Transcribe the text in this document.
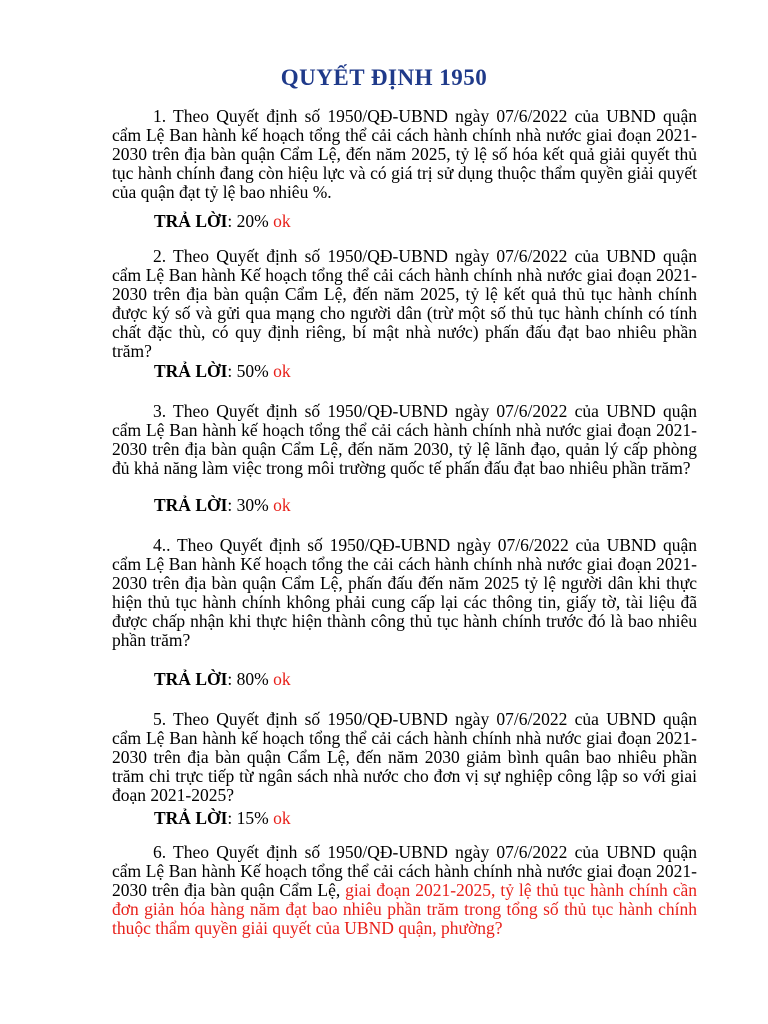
QUYẾT ĐỊNH 1950
1. Theo Quyết định số 1950/QĐ-UBND ngày 07/6/2022 của UBND quận cẩm Lệ Ban hành kế hoạch tổng thể cải cách hành chính nhà nước giai đoạn 2021-2030 trên địa bàn quận Cẩm Lệ, đến năm 2025, tỷ lệ số hóa kết quả giải quyết thủ tục hành chính đang còn hiệu lực và có giá trị sử dụng thuộc thẩm quyền giải quyết của quận đạt tỷ lệ bao nhiêu %.
TRẢ LỜI: 20% ok
2. Theo Quyết định số 1950/QĐ-UBND ngày 07/6/2022 của UBND quận cẩm Lệ Ban hành Kế hoạch tổng thể cải cách hành chính nhà nước giai đoạn 2021-2030 trên địa bàn quận Cẩm Lệ, đến năm 2025, tỷ lệ kết quả thủ tục hành chính được ký số và gửi qua mạng cho người dân (trừ một số thủ tục hành chính có tính chất đặc thù, có quy định riêng, bí mật nhà nước) phấn đấu đạt bao nhiêu phần trăm?
TRẢ LỜI: 50% ok
3. Theo Quyết định số 1950/QĐ-UBND ngày 07/6/2022 của UBND quận cẩm Lệ Ban hành kế hoạch tổng thể cải cách hành chính nhà nước giai đoạn 2021-2030 trên địa bàn quận Cẩm Lệ, đến năm 2030, tỷ lệ lãnh đạo, quản lý cấp phòng đủ khả năng làm việc trong môi trường quốc tế phấn đấu đạt bao nhiêu phần trăm?
TRẢ LỜI: 30% ok
4.. Theo Quyết định số 1950/QĐ-UBND ngày 07/6/2022 của UBND quận cẩm Lệ Ban hành Kế hoạch tổng the cải cách hành chính nhà nước giai đoạn 2021-2030 trên địa bàn quận Cẩm Lệ, phấn đấu đến năm 2025 tỷ lệ người dân khi thực hiện thủ tục hành chính không phải cung cấp lại các thông tin, giấy tờ, tài liệu đã được chấp nhận khi thực hiện thành công thủ tục hành chính trước đó là bao nhiêu phần trăm?
TRẢ LỜI: 80% ok
5. Theo Quyết định số 1950/QĐ-UBND ngày 07/6/2022 của UBND quận cẩm Lệ Ban hành kế hoạch tổng thể cải cách hành chính nhà nước giai đoạn 2021-2030 trên địa bàn quận Cẩm Lệ, đến năm 2030 giảm bình quân bao nhiêu phần trăm chi trực tiếp từ ngân sách nhà nước cho đơn vị sự nghiệp công lập so với giai đoạn 2021-2025?
TRẢ LỜI: 15% ok
6. Theo Quyết định số 1950/QĐ-UBND ngày 07/6/2022 của UBND quận cẩm Lệ Ban hành Kế hoạch tổng thể cải cách hành chính nhà nước giai đoạn 2021-2030 trên địa bàn quận Cẩm Lệ, giai đoạn 2021-2025, tỷ lệ thủ tục hành chính cần đơn giản hóa hàng năm đạt bao nhiêu phần trăm trong tổng số thủ tục hành chính thuộc thẩm quyền giải quyết của UBND quận, phường?
